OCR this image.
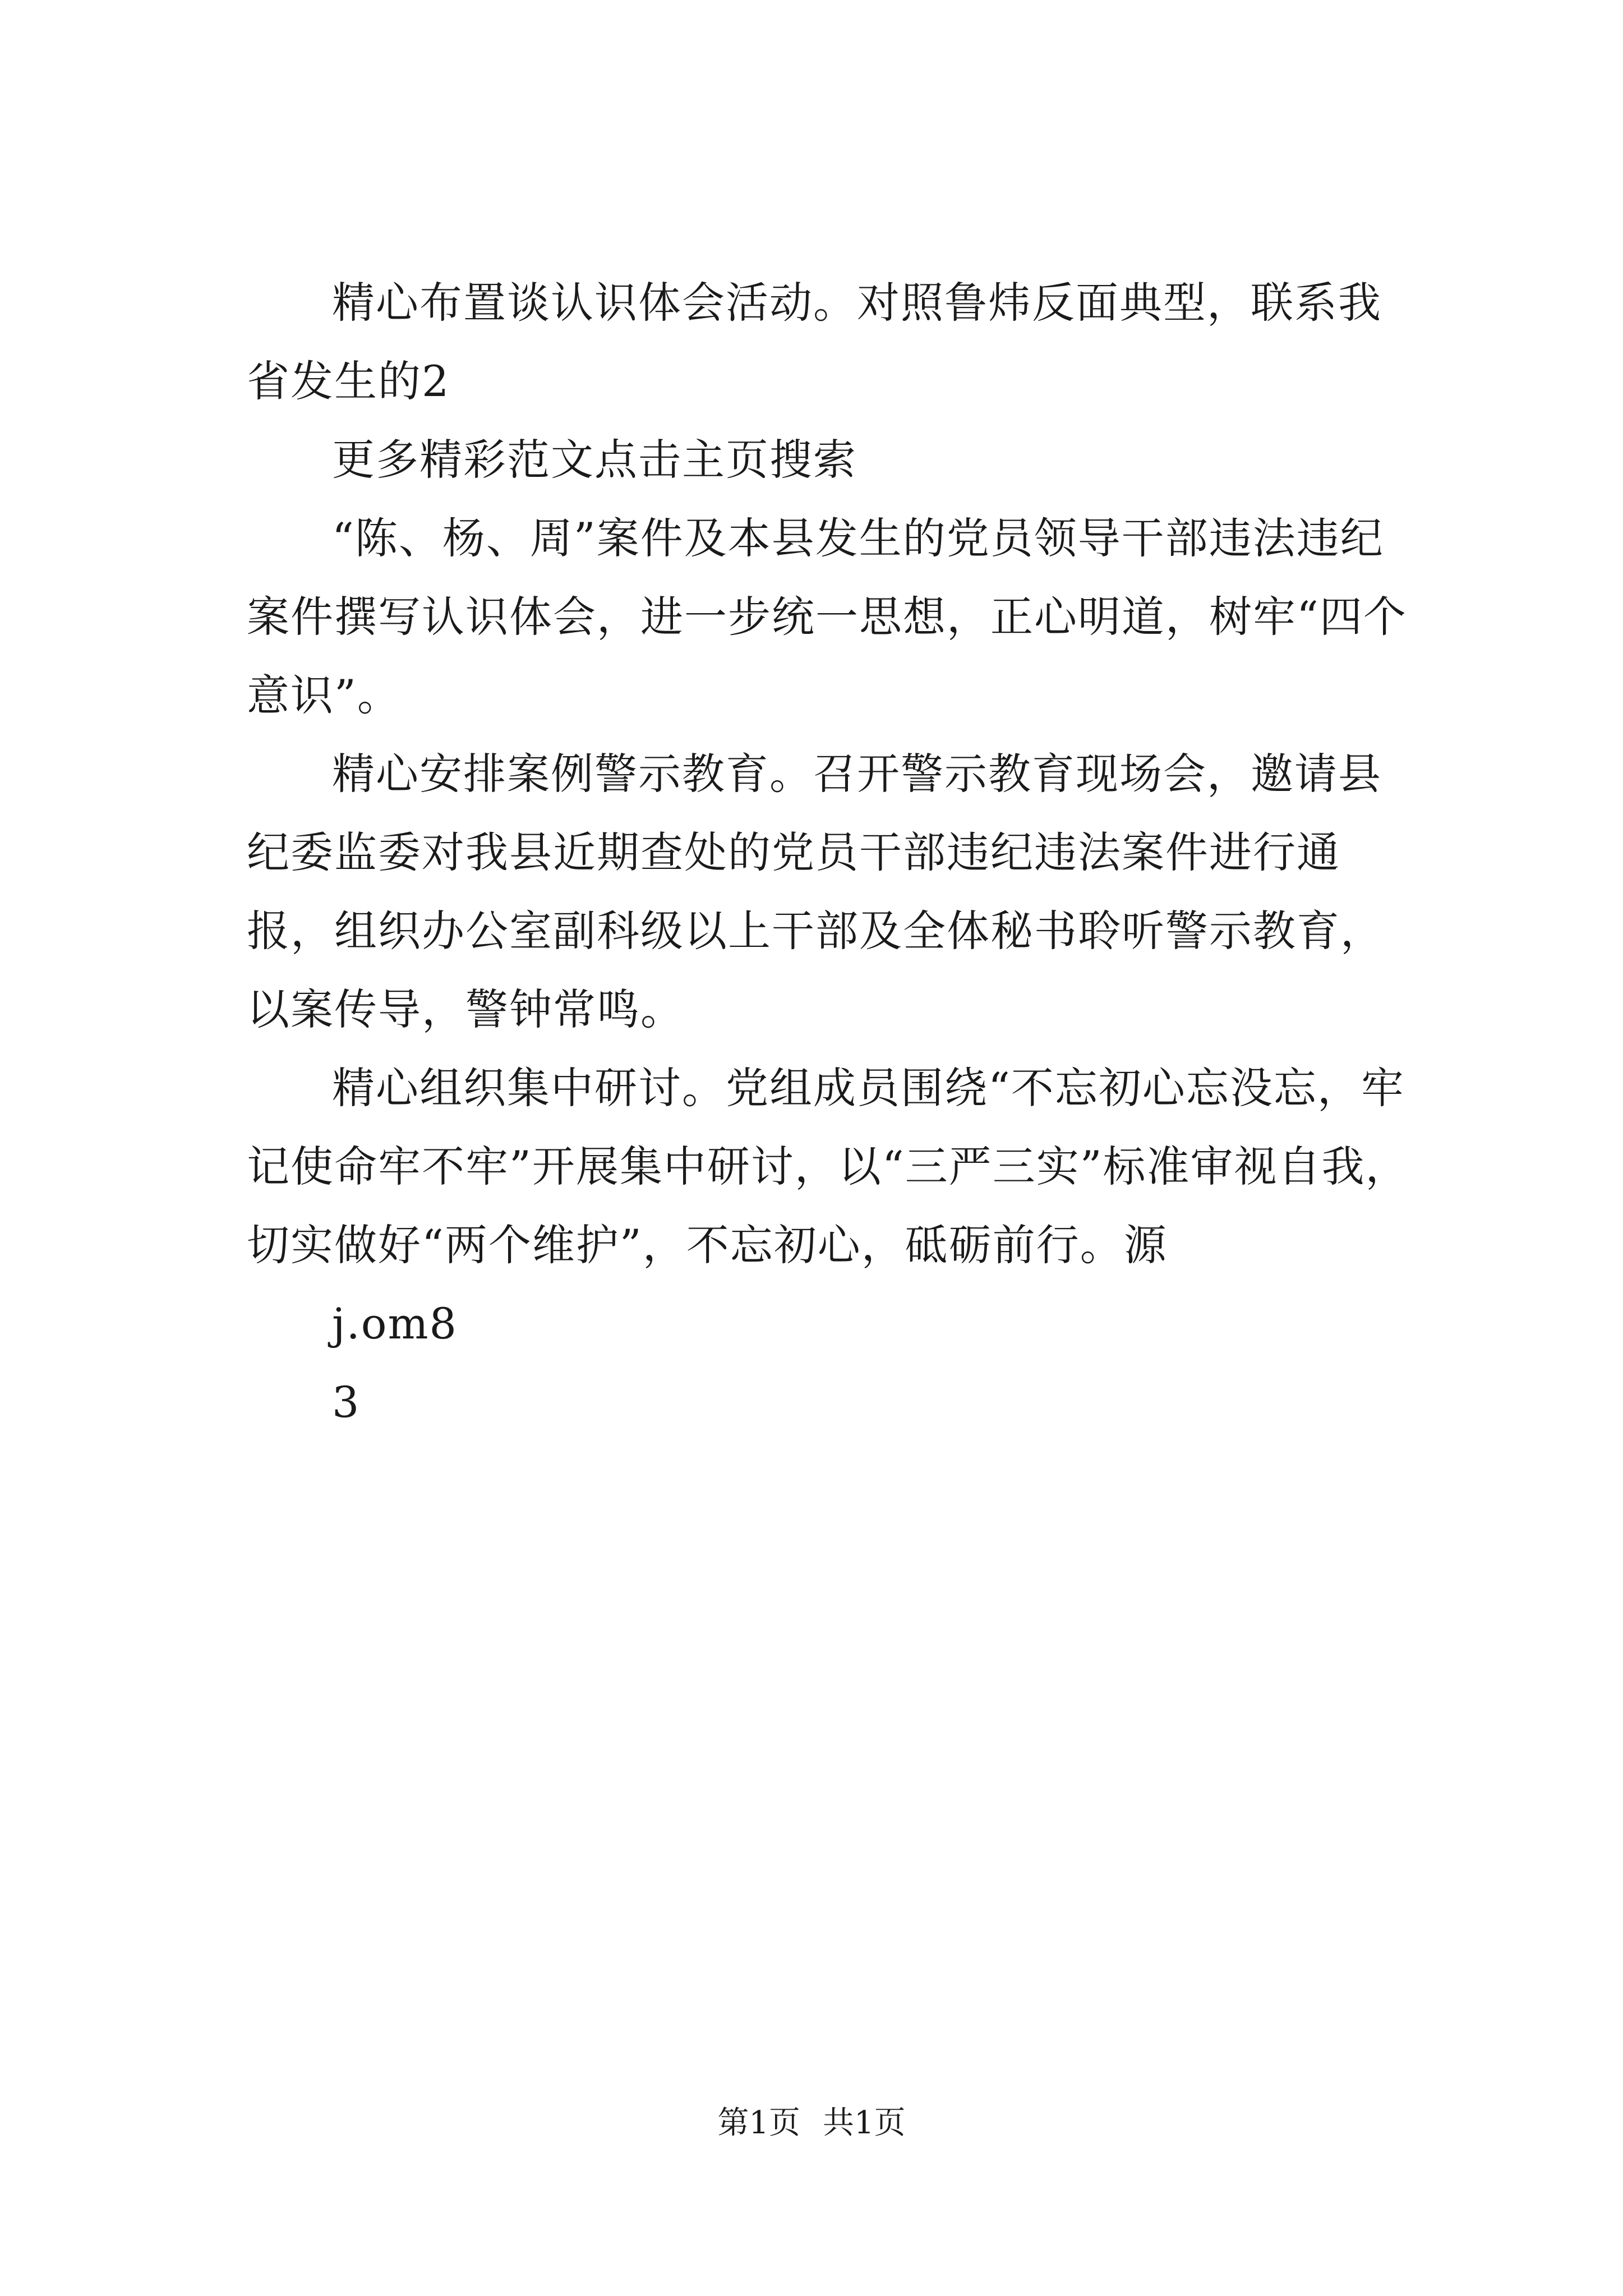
精心布置谈认识体会活动。对照鲁炜反面典型，联系我省发生的2

更多精彩范文点击主页搜索

“陈、杨、周”案件及本县发生的党员领导干部违法违纪案件撰写认识体会，进一步统一思想，正心明道，树牢“四个意识”。

精心安排案例警示教育。召开警示教育现场会，邀请县纪委监委对我县近期查处的党员干部违纪违法案件进行通报，组织办公室副科级以上干部及全体秘书聆听警示教育，以案传导，警钟常鸣。

精心组织集中研讨。党组成员围绕“不忘初心忘没忘，牢记使命牢不牢”开展集中研讨，以“三严三实”标准审视自我，切实做好“两个维护”，不忘初心，砥砺前行。源

j.om8

3

第1页 共1页
